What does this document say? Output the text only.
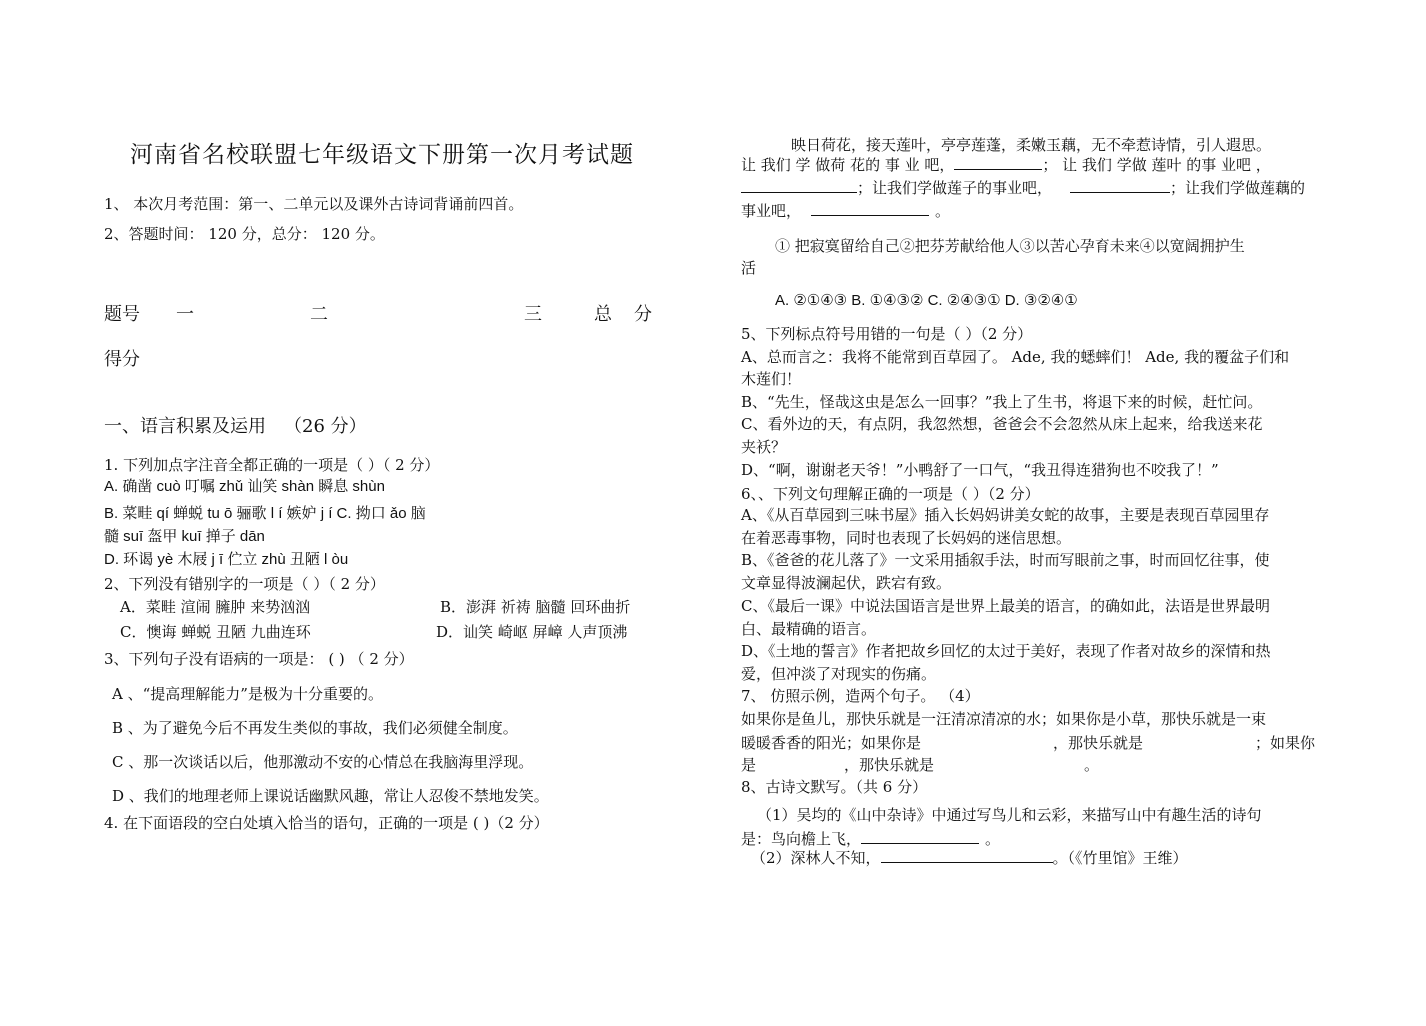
河南省名校联盟七年级语文下册第一次月考试题
1、 本次月考范围：第一、二单元以及课外古诗词背诵前四首。
2、答题时间： 120 分，总分： 120 分。
题号 一	二	三	总 分
得分
一、语言积累及运用 （26 分）
1. 下列加点字注音全都正确的一项是（ ）（ 2 分）
A. 确凿 cuò 叮嘱 zhǔ 讪笑 shàn 瞬息 shùn
B. 菜畦 qí 蝉蜕 tu ō 骊歌 l í 嫉妒 j í C. 拗口 ǎo 脑
髓 suī 盔甲 kuī 掸子 dān
D. 环谒 yè 木屐 j ī 伫立 zhù 丑陋 l òu
2、下列没有错别字的一项是（ ）（ 2 分）
A．菜畦 渲闹 臃肿 来势汹汹	B．澎湃 祈祷 脑髓 回环曲折
C．懊诲 蝉蜕 丑陋 九曲连环	D．讪笑 崎岖 屏嶂 人声顶沸
3、下列句子没有语病的一项是： ( ) （ 2 分）
A 、“提高理解能力”是极为十分重要的。
B 、为了避免今后不再发生类似的事故，我们必须健全制度。
C 、那一次谈话以后，他那激动不安的心情总在我脑海里浮现。
D 、我们的地理老师上课说话幽默风趣，常让人忍俊不禁地发笑。
4. 在下面语段的空白处填入恰当的语句，正确的一项是 ( )（2 分）
映日荷花，接天莲叶，亭亭莲蓬，柔嫩玉藕，无不牵惹诗情，引人遐思。
让 我们 学 做荷 花的 事 业 吧，	； 让 我们 学做 莲叶 的事 业吧 ，
；让我们学做莲子的事业吧，	；让我们学做莲藕的
事业吧，	。
① 把寂寞留给自己②把芬芳献给他人③以苦心孕育未来④以宽阔拥护生
活
A. ②①④③ B. ①④③② C. ②④③① D. ③②④①
5、下列标点符号用错的一句是（ ）（2 分）
A、总而言之：我将不能常到百草园了。 Ade, 我的蟋蟀们！ Ade, 我的覆盆子们和
木莲们！
B、“先生，怪哉这虫是怎么一回事？”我上了生书，将退下来的时候，赶忙问。
C、看外边的天，有点阴，我忽然想，爸爸会不会忽然从床上起来，给我送来花
夹袄？
D、“啊，谢谢老天爷！”小鸭舒了一口气，“我丑得连猎狗也不咬我了！”
6、、下列文句理解正确的一项是（ ）（2 分）
A、《从百草园到三味书屋》插入长妈妈讲美女蛇的故事，主要是表现百草园里存
在着恶毒事物，同时也表现了长妈妈的迷信思想。
B、《爸爸的花儿落了》一文采用插叙手法，时而写眼前之事，时而回忆往事，使
文章显得波澜起伏，跌宕有致。
C、《最后一课》中说法国语言是世界上最美的语言，的确如此，法语是世界最明
白、最精确的语言。
D、《土地的誓言》作者把故乡回忆的太过于美好，表现了作者对故乡的深情和热
爱，但冲淡了对现实的伤痛。
7、 仿照示例，造两个句子。 （4）
如果你是鱼儿，那快乐就是一汪清凉清凉的水；如果你是小草，那快乐就是一束
暖暖香香的阳光；如果你是	，那快乐就是	；如果你
是	，那快乐就是	。
8、古诗文默写。（共 6 分）
（1）吴均的《山中杂诗》中通过写鸟儿和云彩，来描写山中有趣生活的诗句
是：鸟向檐上飞，	。
（2）深林人不知，	。（《竹里馆》王维）
